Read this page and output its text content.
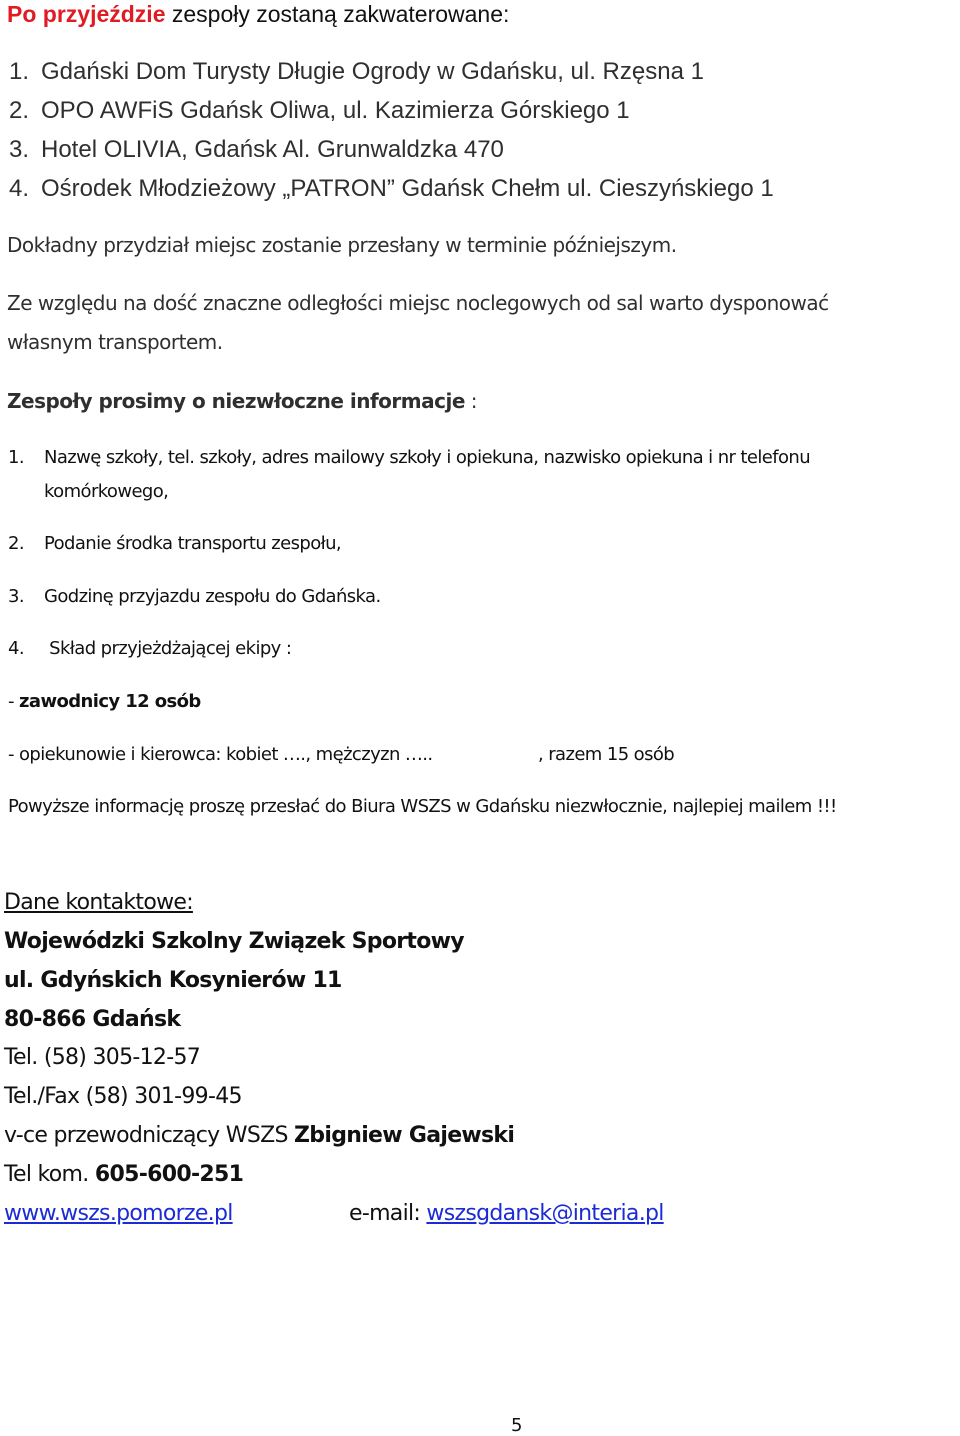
Po przyjeździe zespoły zostaną zakwaterowane:
1. Gdański Dom Turysty Długie Ogrody w Gdańsku, ul. Rzęsna 1
2. OPO AWFiS Gdańsk Oliwa, ul. Kazimierza Górskiego 1
3. Hotel OLIVIA, Gdańsk Al. Grunwaldzka 470
4. Ośrodek Młodzieżowy „PATRON” Gdańsk Chełm ul. Cieszyńskiego 1
Dokładny przydział miejsc zostanie przesłany w terminie późniejszym.
Ze względu na dość znaczne odległości miejsc noclegowych od sal warto dysponować
własnym transportem.
Zespoły prosimy o niezwłoczne informacje :
1. Nazwę szkoły, tel. szkoły, adres mailowy szkoły i opiekuna, nazwisko opiekuna i nr telefonu
komórkowego,
2. Podanie środka transportu zespołu,
3. Godzinę przyjazdu zespołu do Gdańska.
4. Skład przyjeżdżającej ekipy :
- zawodnicy 12 osób
- opiekunowie i kierowca: kobiet …., mężczyzn …..	, razem 15 osób
Powyższe informację proszę przesłać do Biura WSZS w Gdańsku niezwłocznie, najlepiej mailem !!!
Dane kontaktowe:
Wojewódzki Szkolny Związek Sportowy
ul. Gdyńskich Kosynierów 11
80-866 Gdańsk
Tel. (58) 305-12-57
Tel./Fax (58) 301-99-45
v-ce przewodniczący WSZS Zbigniew Gajewski
Tel kom. 605-600-251
www.wszs.pomorze.pl	e-mail: wszsgdansk@interia.pl
5
